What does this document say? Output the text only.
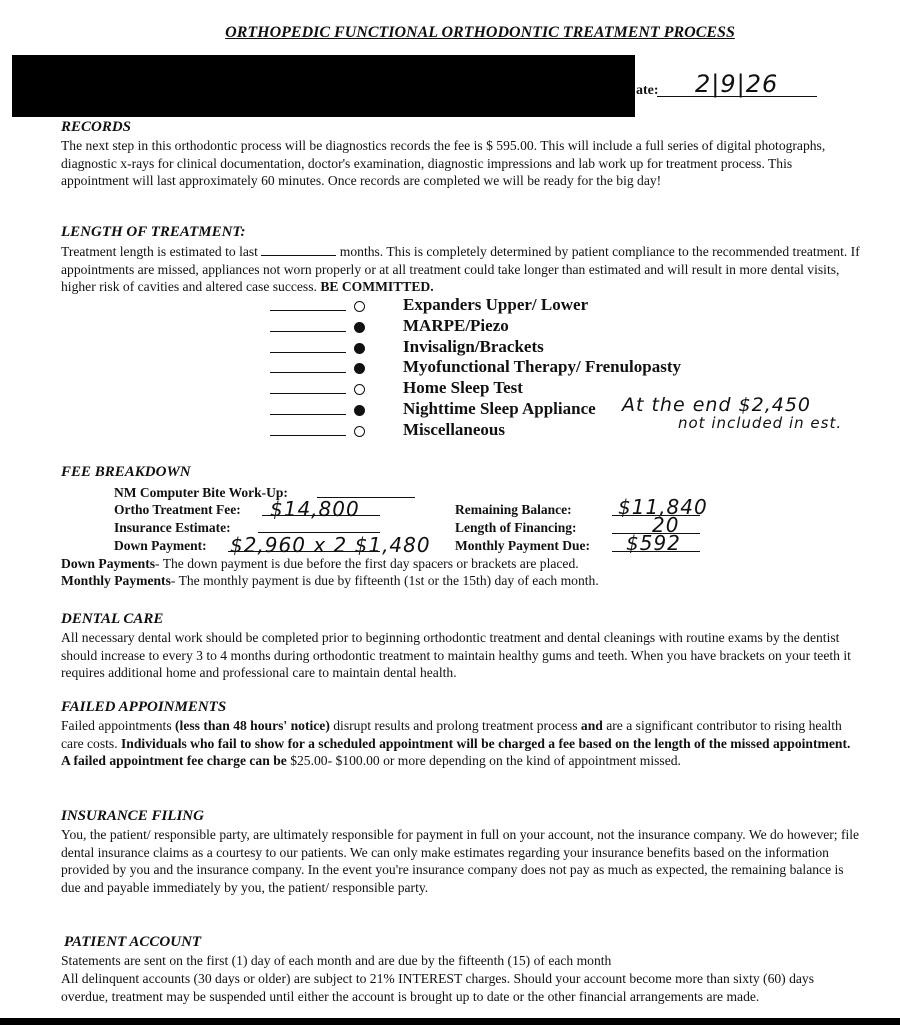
ORTHOPEDIC FUNCTIONAL ORTHODONTIC TREATMENT PROCESS
ate: 2|9|26
RECORDS
The next step in this orthodontic process will be diagnostics records the fee is $ 595.00. This will include a full series of digital photographs, diagnostic x-rays for clinical documentation, doctor's examination, diagnostic impressions and lab work up for treatment process. This appointment will last approximately 60 minutes. Once records are completed we will be ready for the big day!
LENGTH OF TREATMENT:
Treatment length is estimated to last	months. This is completely determined by patient compliance to the recommended treatment. If appointments are missed, appliances not worn properly or at all treatment could take longer than estimated and will result in more dental visits, higher risk of cavities and altered case success. BE COMMITTED.
Expanders Upper/ Lower
MARPE/Piezo
Invisalign/Brackets
Myofunctional Therapy/ Frenulopasty
Home Sleep Test
Nighttime Sleep Appliance
Miscellaneous
At the end $2,450
not included in est.
FEE BREAKDOWN
NM Computer Bite Work-Up:
Ortho Treatment Fee: $14,800
Insurance Estimate:
Down Payment: $2,960 x 2 $1,480
Remaining Balance: $11,840
Length of Financing:	20
Monthly Payment Due: $592
Down Payments- The down payment is due before the first day spacers or brackets are placed.
Monthly Payments- The monthly payment is due by fifteenth (1st or the 15th) day of each month.
DENTAL CARE
All necessary dental work should be completed prior to beginning orthodontic treatment and dental cleanings with routine exams by the dentist should increase to every 3 to 4 months during orthodontic treatment to maintain healthy gums and teeth. When you have brackets on your teeth it requires additional home and professional care to maintain dental health.
FAILED APPOINMENTS
Failed appointments (less than 48 hours' notice) disrupt results and prolong treatment process and are a significant contributor to rising health care costs. Individuals who fail to show for a scheduled appointment will be charged a fee based on the length of the missed appointment. A failed appointment fee charge can be $25.00- $100.00 or more depending on the kind of appointment missed.
INSURANCE FILING
You, the patient/ responsible party, are ultimately responsible for payment in full on your account, not the insurance company. We do however; file dental insurance claims as a courtesy to our patients. We can only make estimates regarding your insurance benefits based on the information provided by you and the insurance company. In the event you're insurance company does not pay as much as expected, the remaining balance is due and payable immediately by you, the patient/ responsible party.
PATIENT ACCOUNT
Statements are sent on the first (1) day of each month and are due by the fifteenth (15) of each month
All delinquent accounts (30 days or older) are subject to 21% INTEREST charges. Should your account become more than sixty (60) days overdue, treatment may be suspended until either the account is brought up to date or the other financial arrangements are made.
